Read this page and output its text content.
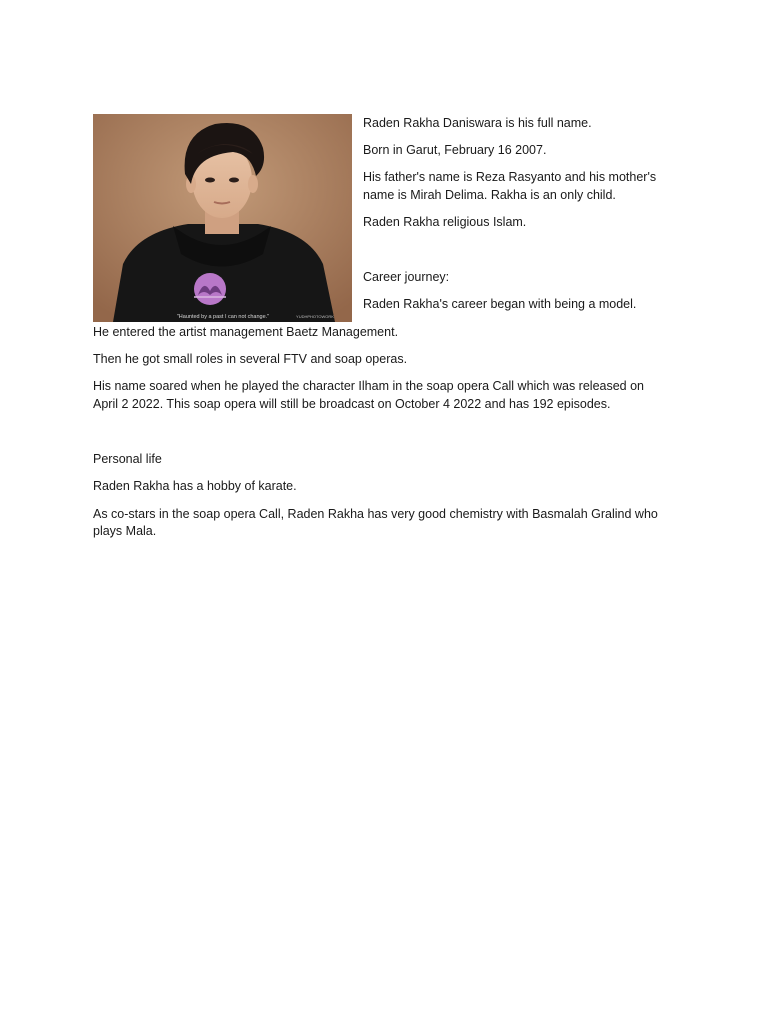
"Haunted by a past I can not change."	YUDHPHOTOWORK

Raden Rakha Daniswara is his full name.

Born in Garut, February 16 2007.

His father's name is Reza Rasyanto and his mother's

name is Mirah Delima. Rakha is an only child.

Raden Rakha religious Islam.

Career journey:

Raden Rakha's career began with being a model.

He entered the artist management Baetz Management.

Then he got small roles in several FTV and soap operas.

His name soared when he played the character Ilham in the soap opera Call which was released on

April 2 2022. This soap opera will still be broadcast on October 4 2022 and has 192 episodes.

Personal life

Raden Rakha has a hobby of karate.

As co-stars in the soap opera Call, Raden Rakha has very good chemistry with Basmalah Gralind who

plays Mala.
